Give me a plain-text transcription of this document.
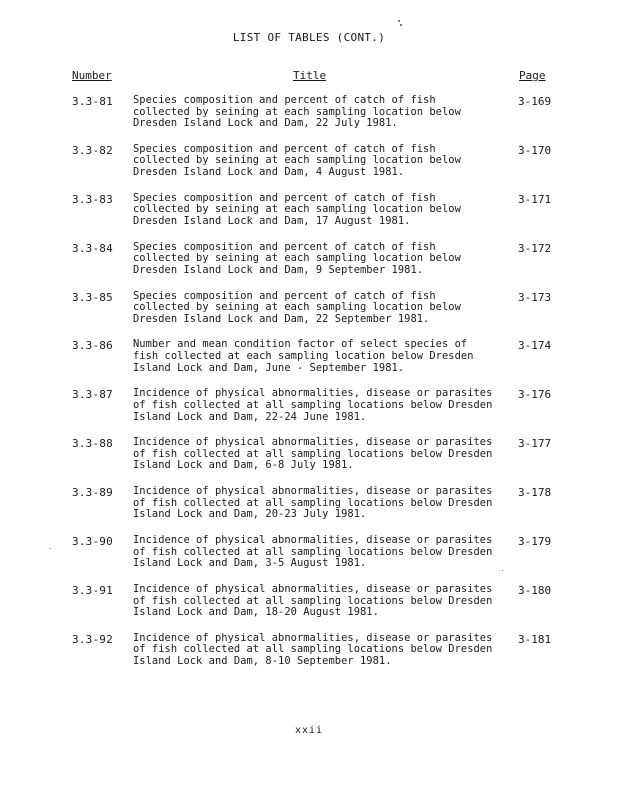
LIST OF TABLES (CONT.)
Number	Title	Page
3.3-81 Species composition and percent of catch of fish collected by seining at each sampling location below Dresden Island Lock and Dam, 22 July 1981.
3-169
3.3-82 Species composition and percent of catch of fish collected by seining at each sampling location below Dresden Island Lock and Dam, 4 August 1981.
3-170
3.3-83 Species composition and percent of catch of fish collected by seining at each sampling location below Dresden Island Lock and Dam, 17 August 1981.
3-171
3.3-84 Species composition and percent of catch of fish collected by seining at each sampling location below Dresden Island Lock and Dam, 9 September 1981.
3-172
3.3-85 Species composition and percent of catch of fish collected by seining at each sampling location below Dresden Island Lock and Dam, 22 September 1981.
3-173
3.3-86 Number and mean condition factor of select species of fish collected at each sampling location below Dresden Island Lock and Dam, June - September 1981.
3-174
3.3-87 Incidence of physical abnormalities, disease or parasites of fish collected at all sampling locations below Dresden Island Lock and Dam, 22-24 June 1981.
3-176
3.3-88 Incidence of physical abnormalities, disease or parasites of fish collected at all sampling locations below Dresden Island Lock and Dam, 6-8 July 1981.
3-177
3.3-89 Incidence of physical abnormalities, disease or parasites of fish collected at all sampling locations below Dresden Island Lock and Dam, 20-23 July 1981.
3-178
3.3-90 Incidence of physical abnormalities, disease or parasites of fish collected at all sampling locations below Dresden Island Lock and Dam, 3-5 August 1981.
3-179
3.3-91 Incidence of physical abnormalities, disease or parasites of fish collected at all sampling locations below Dresden Island Lock and Dam, 18-20 August 1981.
3-180
3.3-92 Incidence of physical abnormalities, disease or parasites of fish collected at all sampling locations below Dresden Island Lock and Dam, 8-10 September 1981.
3-181
xxii
